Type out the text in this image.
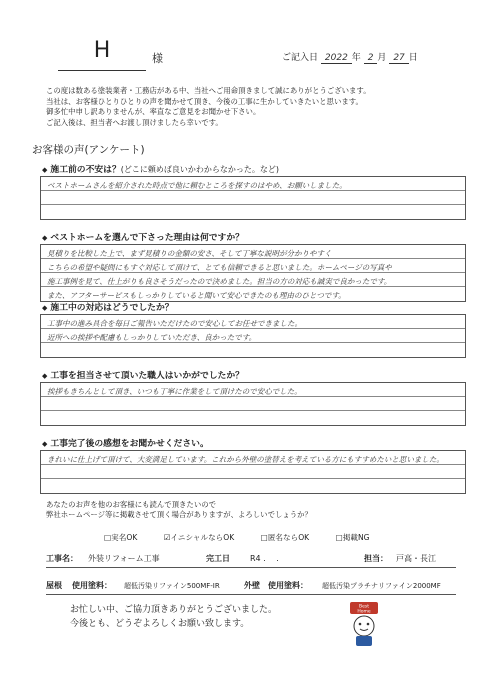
H	様	ご記入日 2022 年 2 月 27 日
この度は数ある塗装業者・工務店がある中、当社へご用命頂きまして誠にありがとうございます。
当社は、お客様ひとりひとりの声を聞かせて頂き、今後の工事に生かしていきたいと思います。
御多忙中申し訳ありませんが、率直なご意見をお聞かせ下さい。
ご記入後は、担当者へお渡し頂けましたら幸いです。
お客様の声(アンケート)
◆ 施工前の不安は？(どこに頼めば良いかわからなかった。など)
ベストホームさんを紹介された時点で他に頼むところを探すのはやめ、お願いしました。
◆ ベストホームを選んで下さった理由は何ですか？
見積りを比較した上で、まず見積りの金額の安さ、そして丁寧な説明が分かりやすく
こちらの希望や疑問にもすぐ対応して頂けて、とても信頼できると思いました。ホームページの写真や
施工事例を見て、仕上がりも良さそうだったので決めました。担当の方の対応も誠実で良かったです。
また、アフターサービスもしっかりしていると聞いて安心できたのも理由のひとつです。
◆ 施工中の対応はどうでしたか？
工事中の進み具合を毎日ご報告いただけたので安心してお任せできました。
近所への挨拶や配慮もしっかりしていただき、良かったです。
◆ 工事を担当させて頂いた職人はいかがでしたか？
挨拶もきちんとして頂き、いつも丁寧に作業をして頂けたので安心でした。
◆ 工事完了後の感想をお聞かせください。
きれいに仕上げて頂けて、大変満足しています。これから外壁の塗替えを考えている方にもすすめたいと思いました。
あなたのお声を他のお客様にも読んで頂きたいので
弊社ホームページ等に掲載させて頂く場合がありますが、よろしいでしょうか？
□実名OK	☑イニシャルならOK	□匿名ならOK	□掲載NG
工事名： 外装リフォーム工事	完工日	R4 .　 .	担当： 戸高・長江
屋根 使用塗料： 超低汚染リファイン500MF-IR	外壁 使用塗料： 超低汚染プラチナリファイン2000MF
お忙しい中、ご協力頂きありがとうございました。
今後とも、どうぞよろしくお願い致します。
Best
Home
